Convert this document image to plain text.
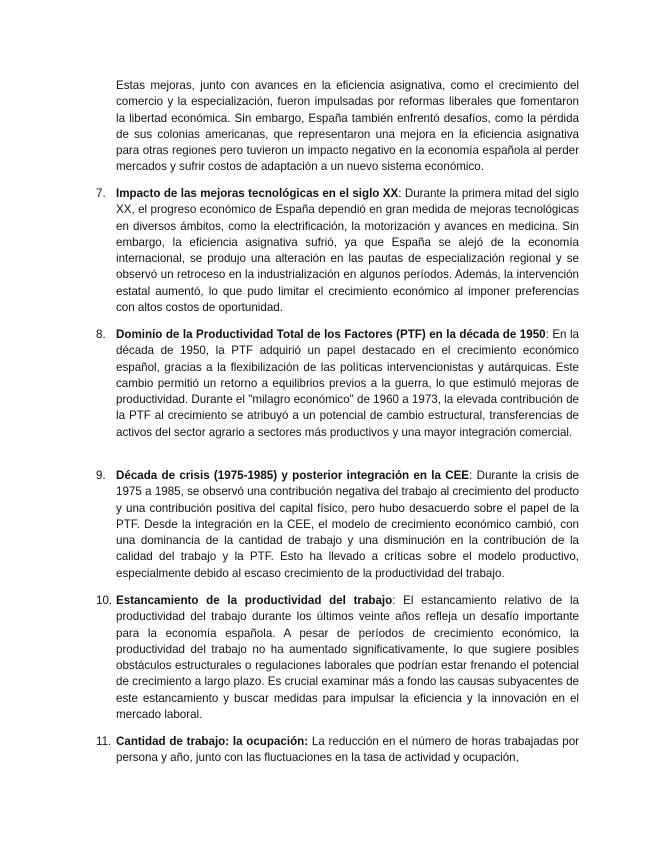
Estas mejoras, junto con avances en la eficiencia asignativa, como el crecimiento del comercio y la especialización, fueron impulsadas por reformas liberales que fomentaron la libertad económica. Sin embargo, España también enfrentó desafíos, como la pérdida de sus colonias americanas, que representaron una mejora en la eficiencia asignativa para otras regiones pero tuvieron un impacto negativo en la economía española al perder mercados y sufrir costos de adaptación a un nuevo sistema económico.

7. Impacto de las mejoras tecnológicas en el siglo XX: Durante la primera mitad del siglo XX, el progreso económico de España dependió en gran medida de mejoras tecnológicas en diversos ámbitos, como la electrificación, la motorización y avances en medicina. Sin embargo, la eficiencia asignativa sufrió, ya que España se alejó de la economía internacional, se produjo una alteración en las pautas de especialización regional y se observó un retroceso en la industrialización en algunos períodos. Además, la intervención estatal aumentó, lo que pudo limitar el crecimiento económico al imponer preferencias con altos costos de oportunidad.
8. Dominio de la Productividad Total de los Factores (PTF) en la década de 1950: En la década de 1950, la PTF adquirió un papel destacado en el crecimiento económico español, gracias a la flexibilización de las políticas intervencionistas y autárquicas. Este cambio permitió un retorno a equilibrios previos a la guerra, lo que estimuló mejoras de productividad. Durante el "milagro económico" de 1960 a 1973, la elevada contribución de la PTF al crecimiento se atribuyó a un potencial de cambio estructural, transferencias de activos del sector agrario a sectores más productivos y una mayor integración comercial.
9. Década de crisis (1975-1985) y posterior integración en la CEE: Durante la crisis de 1975 a 1985, se observó una contribución negativa del trabajo al crecimiento del producto y una contribución positiva del capital físico, pero hubo desacuerdo sobre el papel de la PTF. Desde la integración en la CEE, el modelo de crecimiento económico cambió, con una dominancia de la cantidad de trabajo y una disminución en la contribución de la calidad del trabajo y la PTF. Esto ha llevado a críticas sobre el modelo productivo, especialmente debido al escaso crecimiento de la productividad del trabajo.
10. Estancamiento de la productividad del trabajo: El estancamiento relativo de la productividad del trabajo durante los últimos veinte años refleja un desafío importante para la economía española. A pesar de períodos de crecimiento económico, la productividad del trabajo no ha aumentado significativamente, lo que sugiere posibles obstáculos estructurales o regulaciones laborales que podrían estar frenando el potencial de crecimiento a largo plazo. Es crucial examinar más a fondo las causas subyacentes de este estancamiento y buscar medidas para impulsar la eficiencia y la innovación en el mercado laboral.
11. Cantidad de trabajo: la ocupación: La reducción en el número de horas trabajadas por persona y año, junto con las fluctuaciones en la tasa de actividad y ocupación,
